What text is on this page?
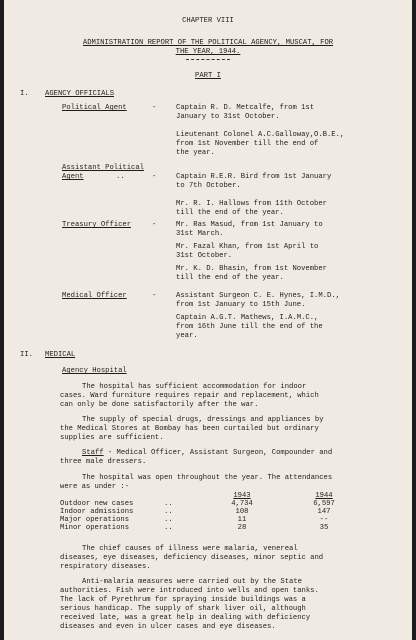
CHAPTER VIII
ADMINISTRATION REPORT OF THE POLITICAL AGENCY, MUSCAT, FOR
THE YEAR, 1944.
PART I
I. AGENCY OFFICIALS
Political Agent	-	Captain R. D. Metcalfe, from 1st
January to 31st October.
Lieutenant Colonel A.C.Galloway,O.B.E.,
from 1st November till the end of
the year.
Assistant Political
Agent	..	-	Captain R.E.R. Bird from 1st January
to 7th October.
Mr. R. I. Hallows from 11th October
till the end of the year.
Treasury Officer	-	Mr. Ras Masud, from 1st January to
31st March.
Mr. Fazal Khan, from 1st April to
31st October.
Mr. K. D. Bhasin, from 1st November
till the end of the year.
Medical Officer	-	Assistant Surgeon C. E. Hynes, I.M.D.,
from 1st January to 15th June.
Captain A.G.T. Mathews, I.A.M.C.,
from 16th June till the end of the
year.
II. MEDICAL
Agency Hospital
The hospital has sufficient accommodation for indoor
cases. Ward furniture requires repair and replacement, which
can only be done satisfactorily after the war.
The supply of special drugs, dressings and appliances by
the Medical Stores at Bombay has been curtailed but ordinary
supplies are sufficient.
Staff - Medical Officer, Assistant Surgeon, Compounder and
three male dressers.
The hospital was open throughout the year. The attendances
were as under :-
1943	1944
Outdoor new cases	..	4,734	6,597
Indoor admissions	..	108	147
Major operations	..	11	--
Minor operations	..	28	35
The chief causes of illness were malaria, venereal
diseases, eye diseases, deficiency diseases, minor septic and
respiratory diseases.
Anti-malaria measures were carried out by the State
authorities. Fish were introduced into wells and open tanks.
The lack of Pyrethrum for spraying inside buildings was a
serious handicap. The supply of shark liver oil, although
received late, was a great help in dealing with deficiency
diseases and even in ulcer cases and eye diseases.
